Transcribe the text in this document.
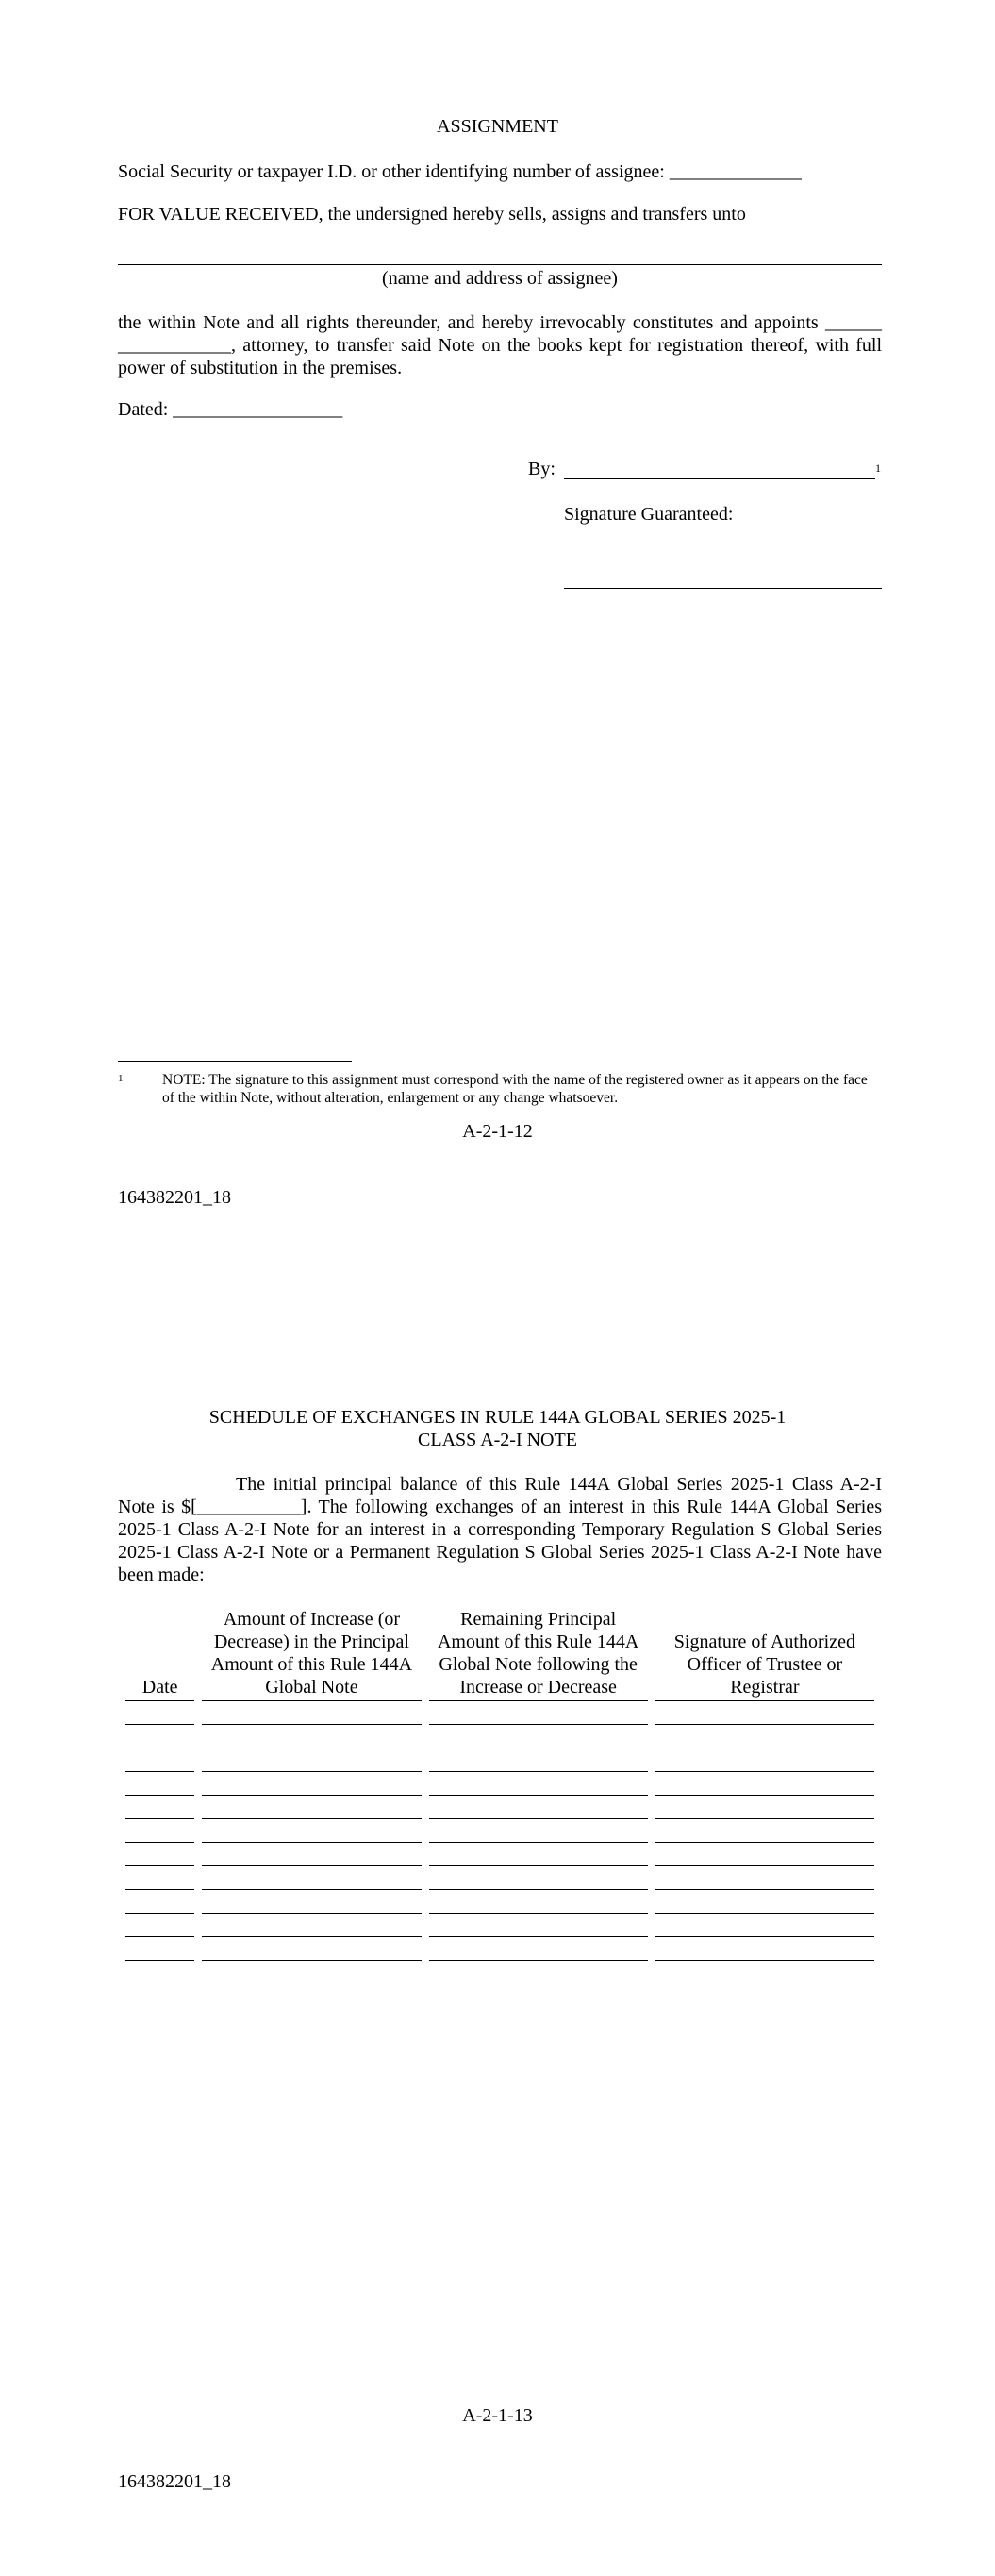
ASSIGNMENT
Social Security or taxpayer I.D. or other identifying number of assignee: ______________
FOR VALUE RECEIVED, the undersigned hereby sells, assigns and transfers unto
(name and address of assignee)
the within Note and all rights thereunder, and hereby irrevocably constitutes and appoints ______ ____________, attorney, to transfer said Note on the books kept for registration thereof, with full power of substitution in the premises.
Dated: __________________
By:	1
Signature Guaranteed:
1	NOTE: The signature to this assignment must correspond with the name of the registered owner as it appears on the face of the within Note, without alteration, enlargement or any change whatsoever.
A-2-1-12
164382201_18
SCHEDULE OF EXCHANGES IN RULE 144A GLOBAL SERIES 2025-1
CLASS A-2-I NOTE
The initial principal balance of this Rule 144A Global Series 2025-1 Class A-2-I Note is $[___________]. The following exchanges of an interest in this Rule 144A Global Series 2025-1 Class A-2-I Note for an interest in a corresponding Temporary Regulation S Global Series 2025-1 Class A-2-I Note or a Permanent Regulation S Global Series 2025-1 Class A-2-I Note have been made:
Date	Amount of Increase (or Decrease) in the Principal Amount of this Rule 144A Global Note	Remaining Principal Amount of this Rule 144A Global Note following the Increase or Decrease	Signature of Authorized Officer of Trustee or Registrar

A-2-1-13
164382201_18
